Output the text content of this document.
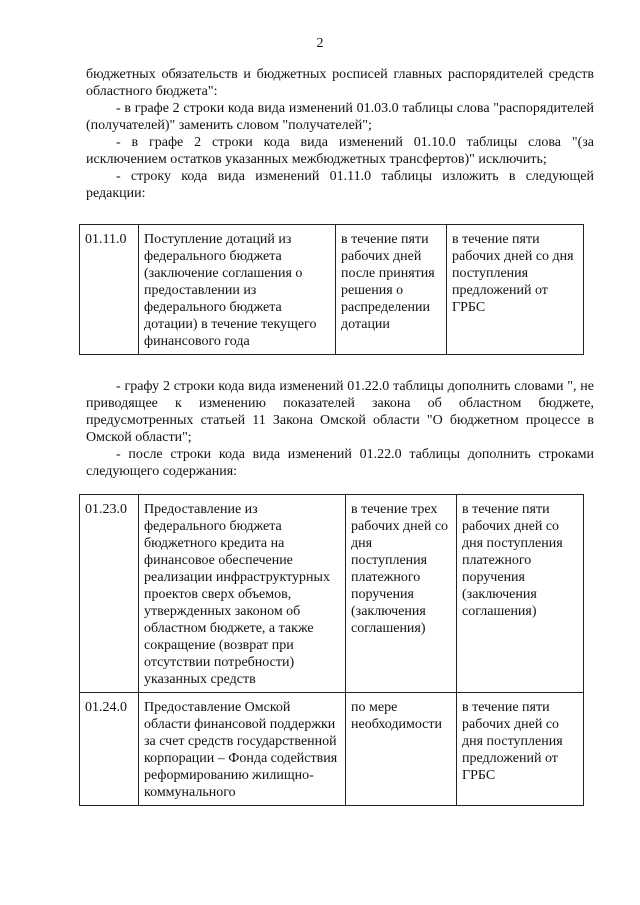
2
бюджетных обязательств и бюджетных росписей главных распорядителей средств областного бюджета":
- в графе 2 строки кода вида изменений 01.03.0 таблицы слова "распорядителей (получателей)" заменить словом "получателей";
- в графе 2 строки кода вида изменений 01.10.0 таблицы слова "(за исключением остатков указанных межбюджетных трансфертов)" исключить;
- строку кода вида изменений 01.11.0 таблицы изложить в следующей редакции:
01.11.0	Поступление дотаций из федерального бюджета (заключение соглашения о предоставлении из федерального бюджета дотации) в течение текущего финансового года	в течение пяти рабочих дней после принятия решения о распределении дотации	в течение пяти рабочих дней со дня поступления предложений от ГРБС
- графу 2 строки кода вида изменений 01.22.0 таблицы дополнить словами ", не приводящее к изменению показателей закона об областном бюджете, предусмотренных статьей 11 Закона Омской области "О бюджетном процессе в Омской области";
- после строки кода вида изменений 01.22.0 таблицы дополнить строками следующего содержания:
01.23.0	Предоставление из федерального бюджета бюджетного кредита на финансовое обеспечение реализации инфраструктурных проектов сверх объемов, утвержденных законом об областном бюджете, а также сокращение (возврат при отсутствии потребности) указанных средств	в течение трех рабочих дней со дня поступления платежного поручения (заключения соглашения)	в течение пяти рабочих дней со дня поступления платежного поручения (заключения соглашения)
01.24.0	Предоставление Омской области финансовой поддержки за счет средств государственной корпорации – Фонда содействия реформированию жилищно-коммунального	по мере необходимости	в течение пяти рабочих дней со дня поступления предложений от ГРБС
